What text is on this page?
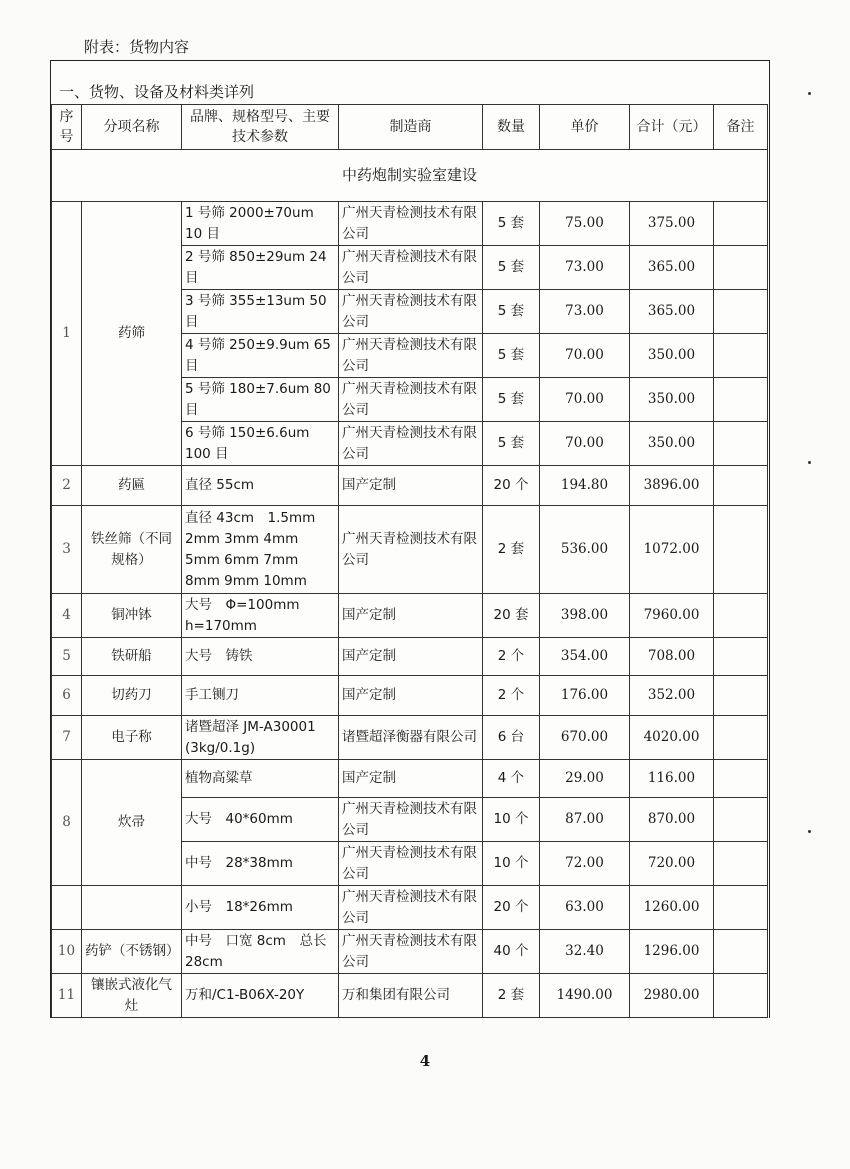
附表：货物内容
一、货物、设备及材料类详列
序号	分项名称	品牌、规格型号、主要技术参数	制造商	数量	单价	合计（元）	备注
中药炮制实验室建设							
1	药筛	1 号筛 2000±70um 10 目	广州天青检测技术有限公司	5 套	75.00	375.00	
		2 号筛 850±29um 24 目	广州天青检测技术有限公司	5 套	73.00	365.00	
		3 号筛 355±13um 50 目	广州天青检测技术有限公司	5 套	73.00	365.00	
		4 号筛 250±9.9um 65 目	广州天青检测技术有限公司	5 套	70.00	350.00	
		5 号筛 180±7.6um 80 目	广州天青检测技术有限公司	5 套	70.00	350.00	
		6 号筛 150±6.6um 100 目	广州天青检测技术有限公司	5 套	70.00	350.00	
2	药匾	直径 55cm	国产定制	20 个	194.80	3896.00	
3	铁丝筛（不同规格）	直径 43cm　1.5mm 2mm 3mm 4mm 5mm 6mm 7mm 8mm 9mm 10mm	广州天青检测技术有限公司	2 套	536.00	1072.00	
4	铜冲钵	大号　Φ=100mm h=170mm	国产定制	20 套	398.00	7960.00	
5	铁研船	大号　铸铁	国产定制	2 个	354.00	708.00	
6	切药刀	手工铡刀	国产定制	2 个	176.00	352.00	
7	电子称	诸暨超泽 JM-A30001 (3kg/0.1g)	诸暨超泽衡器有限公司	6 台	670.00	4020.00	
8	炊帚	植物高粱草	国产定制	4 个	29.00	116.00	
		大号　40*60mm	广州天青检测技术有限公司	10 个	87.00	870.00	
		中号　28*38mm	广州天青检测技术有限公司	10 个	72.00	720.00	
		小号　18*26mm	广州天青检测技术有限公司	20 个	63.00	1260.00	
10	药铲（不锈钢）	中号　口宽 8cm　总长 28cm	广州天青检测技术有限公司	40 个	32.40	1296.00	
11	镶嵌式液化气灶	万和/C1-B06X-20Y	万和集团有限公司	2 套	1490.00	2980.00	
4
